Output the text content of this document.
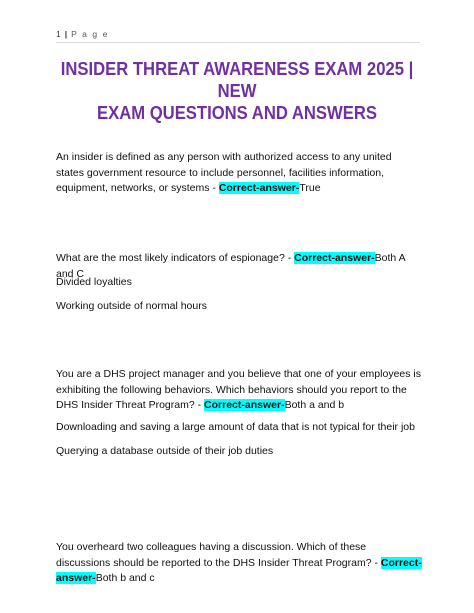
1 | P a g e
INSIDER THREAT AWARENESS EXAM 2025 | NEW
EXAM QUESTIONS AND ANSWERS
An insider is defined as any person with authorized access to any united states government resource to include personnel, facilities information, equipment, networks, or systems - Correct-answer-True
What are the most likely indicators of espionage? - Correct-answer-Both A and C
Divided loyalties
Working outside of normal hours
You are a DHS project manager and you believe that one of your employees is exhibiting the following behaviors. Which behaviors should you report to the DHS Insider Threat Program? - Correct-answer-Both a and b
Downloading and saving a large amount of data that is not typical for their job
Querying a database outside of their job duties
You overheard two colleagues having a discussion. Which of these discussions should be reported to the DHS Insider Threat Program? - Correct-answer-Both b and c
